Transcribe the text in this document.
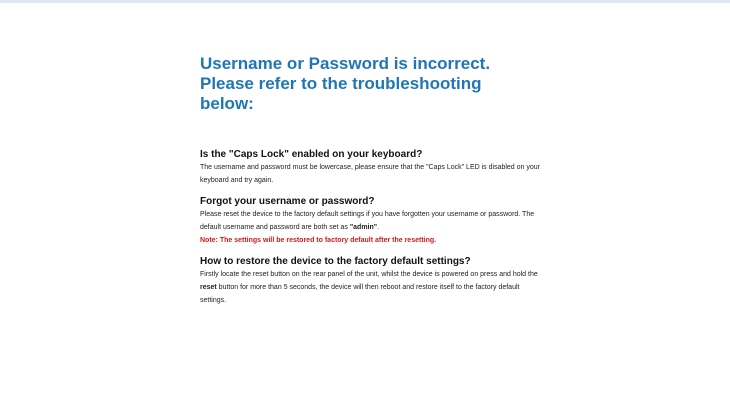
Username or Password is incorrect.
Please refer to the troubleshooting below:
Is the "Caps Lock" enabled on your keyboard?

The username and password must be lowercase, please ensure that the "Caps Lock" LED is disabled on your keyboard and try again.

Forgot your username or password?

Please reset the device to the factory default settings if you have forgotten your username or password. The default username and password are both set as "admin".

Note: The settings will be restored to factory default after the resetting.

How to restore the device to the factory default settings?

Firstly locate the reset button on the rear panel of the unit, whilst the device is powered on press and hold the reset button for more than 5 seconds, the device will then reboot and restore itself to the factory default settings.
